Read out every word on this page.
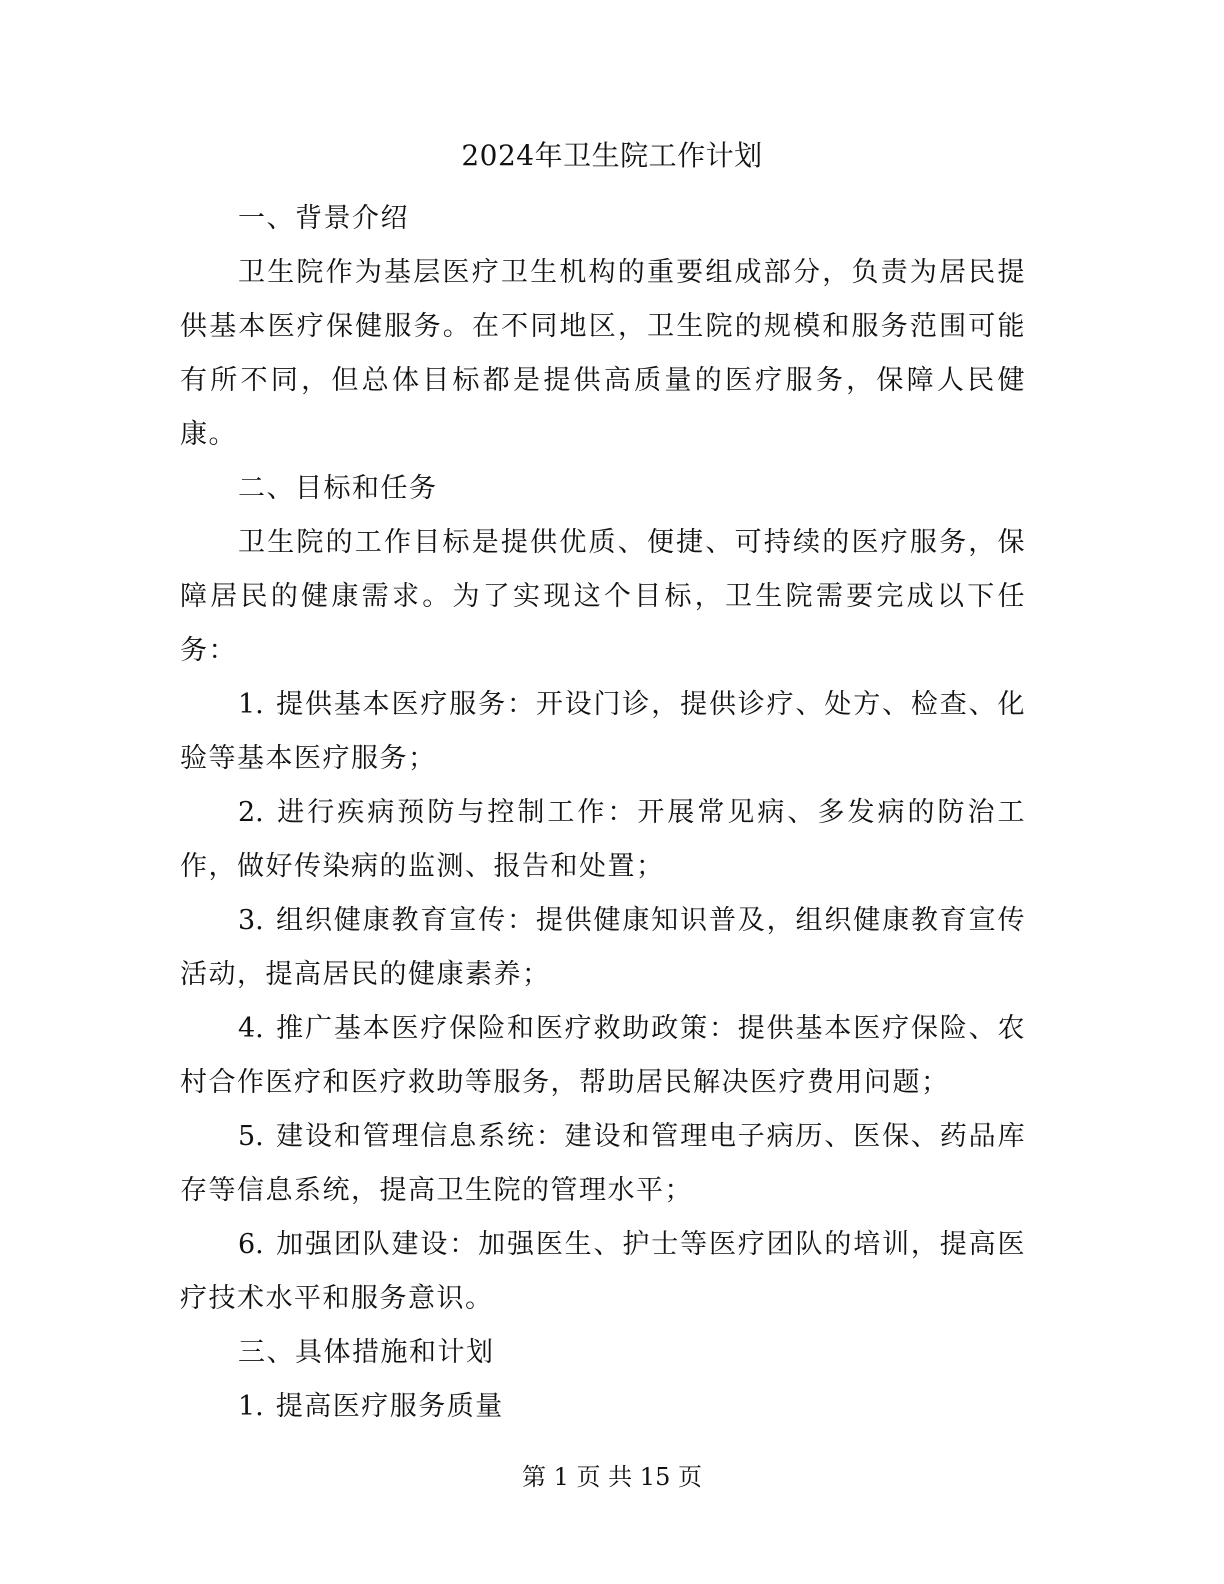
2024年卫生院工作计划

一、背景介绍

卫生院作为基层医疗卫生机构的重要组成部分，负责为居民提供基本医疗保健服务。在不同地区，卫生院的规模和服务范围可能有所不同，但总体目标都是提供高质量的医疗服务，保障人民健康。

二、目标和任务

卫生院的工作目标是提供优质、便捷、可持续的医疗服务，保障居民的健康需求。为了实现这个目标，卫生院需要完成以下任务：

1. 提供基本医疗服务：开设门诊，提供诊疗、处方、检查、化验等基本医疗服务；

2. 进行疾病预防与控制工作：开展常见病、多发病的防治工作，做好传染病的监测、报告和处置；

3. 组织健康教育宣传：提供健康知识普及，组织健康教育宣传活动，提高居民的健康素养；

4. 推广基本医疗保险和医疗救助政策：提供基本医疗保险、农村合作医疗和医疗救助等服务，帮助居民解决医疗费用问题；

5. 建设和管理信息系统：建设和管理电子病历、医保、药品库存等信息系统，提高卫生院的管理水平；

6. 加强团队建设：加强医生、护士等医疗团队的培训，提高医疗技术水平和服务意识。

三、具体措施和计划

1. 提高医疗服务质量

第 1 页 共 15 页
